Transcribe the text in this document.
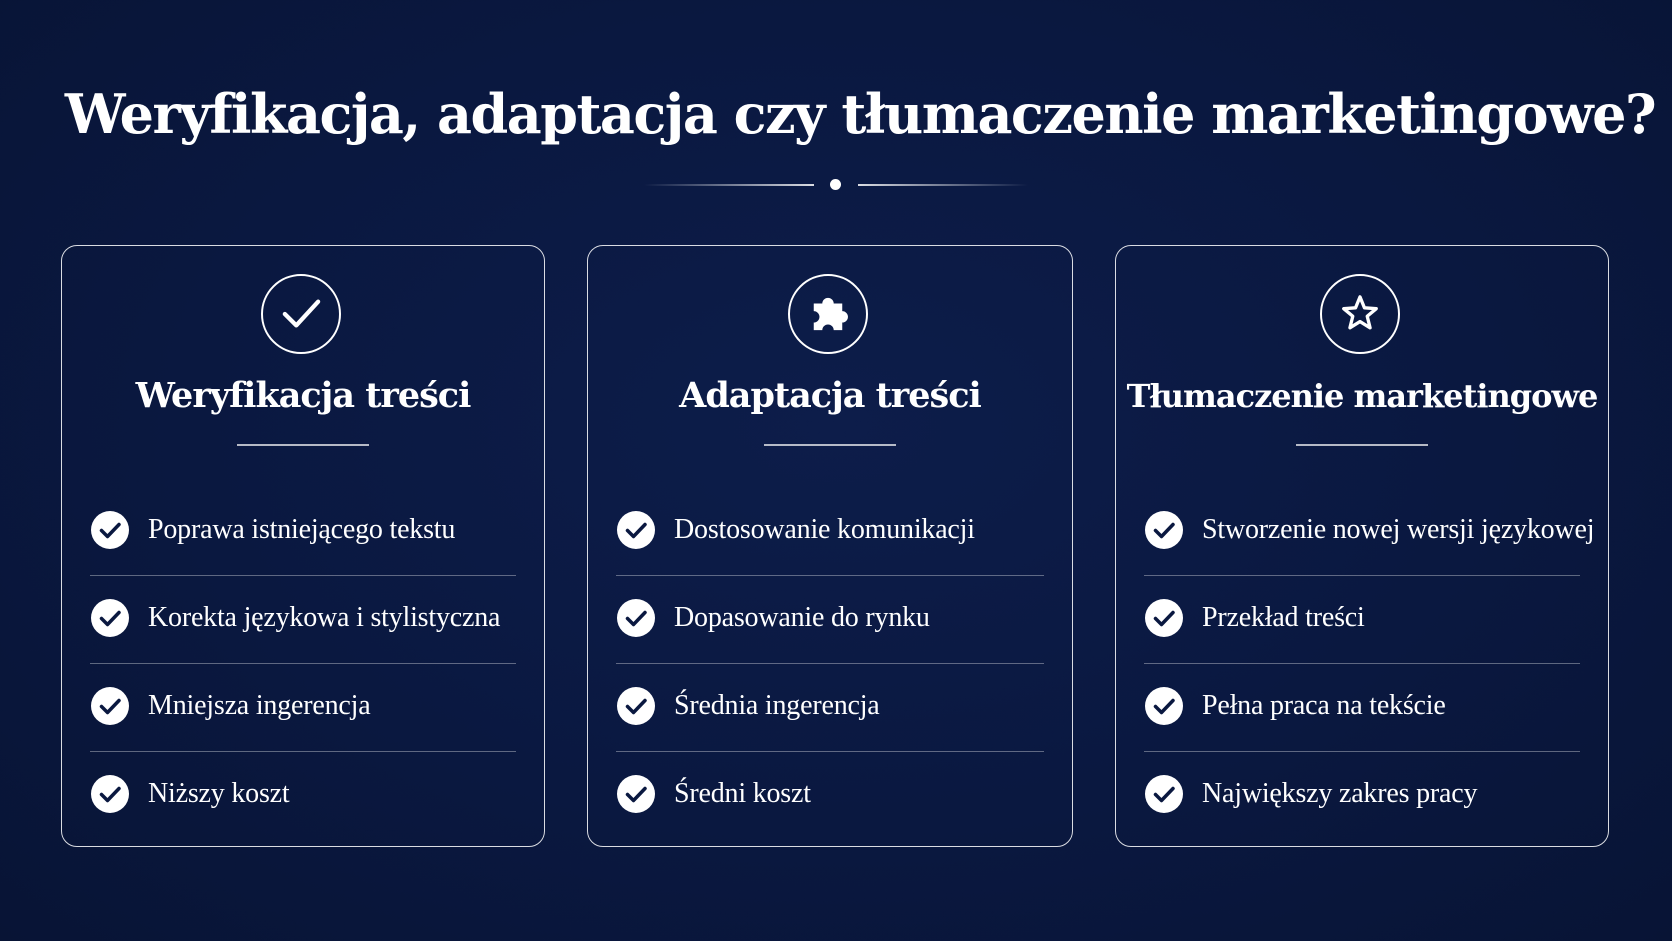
Weryfikacja, adaptacja czy tłumaczenie marketingowe?
Weryfikacja treści
Poprawa istniejącego tekstu
Korekta językowa i stylistyczna
Mniejsza ingerencja
Niższy koszt
Adaptacja treści
Dostosowanie komunikacji
Dopasowanie do rynku
Średnia ingerencja
Średni koszt
Tłumaczenie marketingowe
Stworzenie nowej wersji językowej
Przekład treści
Pełna praca na tekście
Największy zakres pracy
